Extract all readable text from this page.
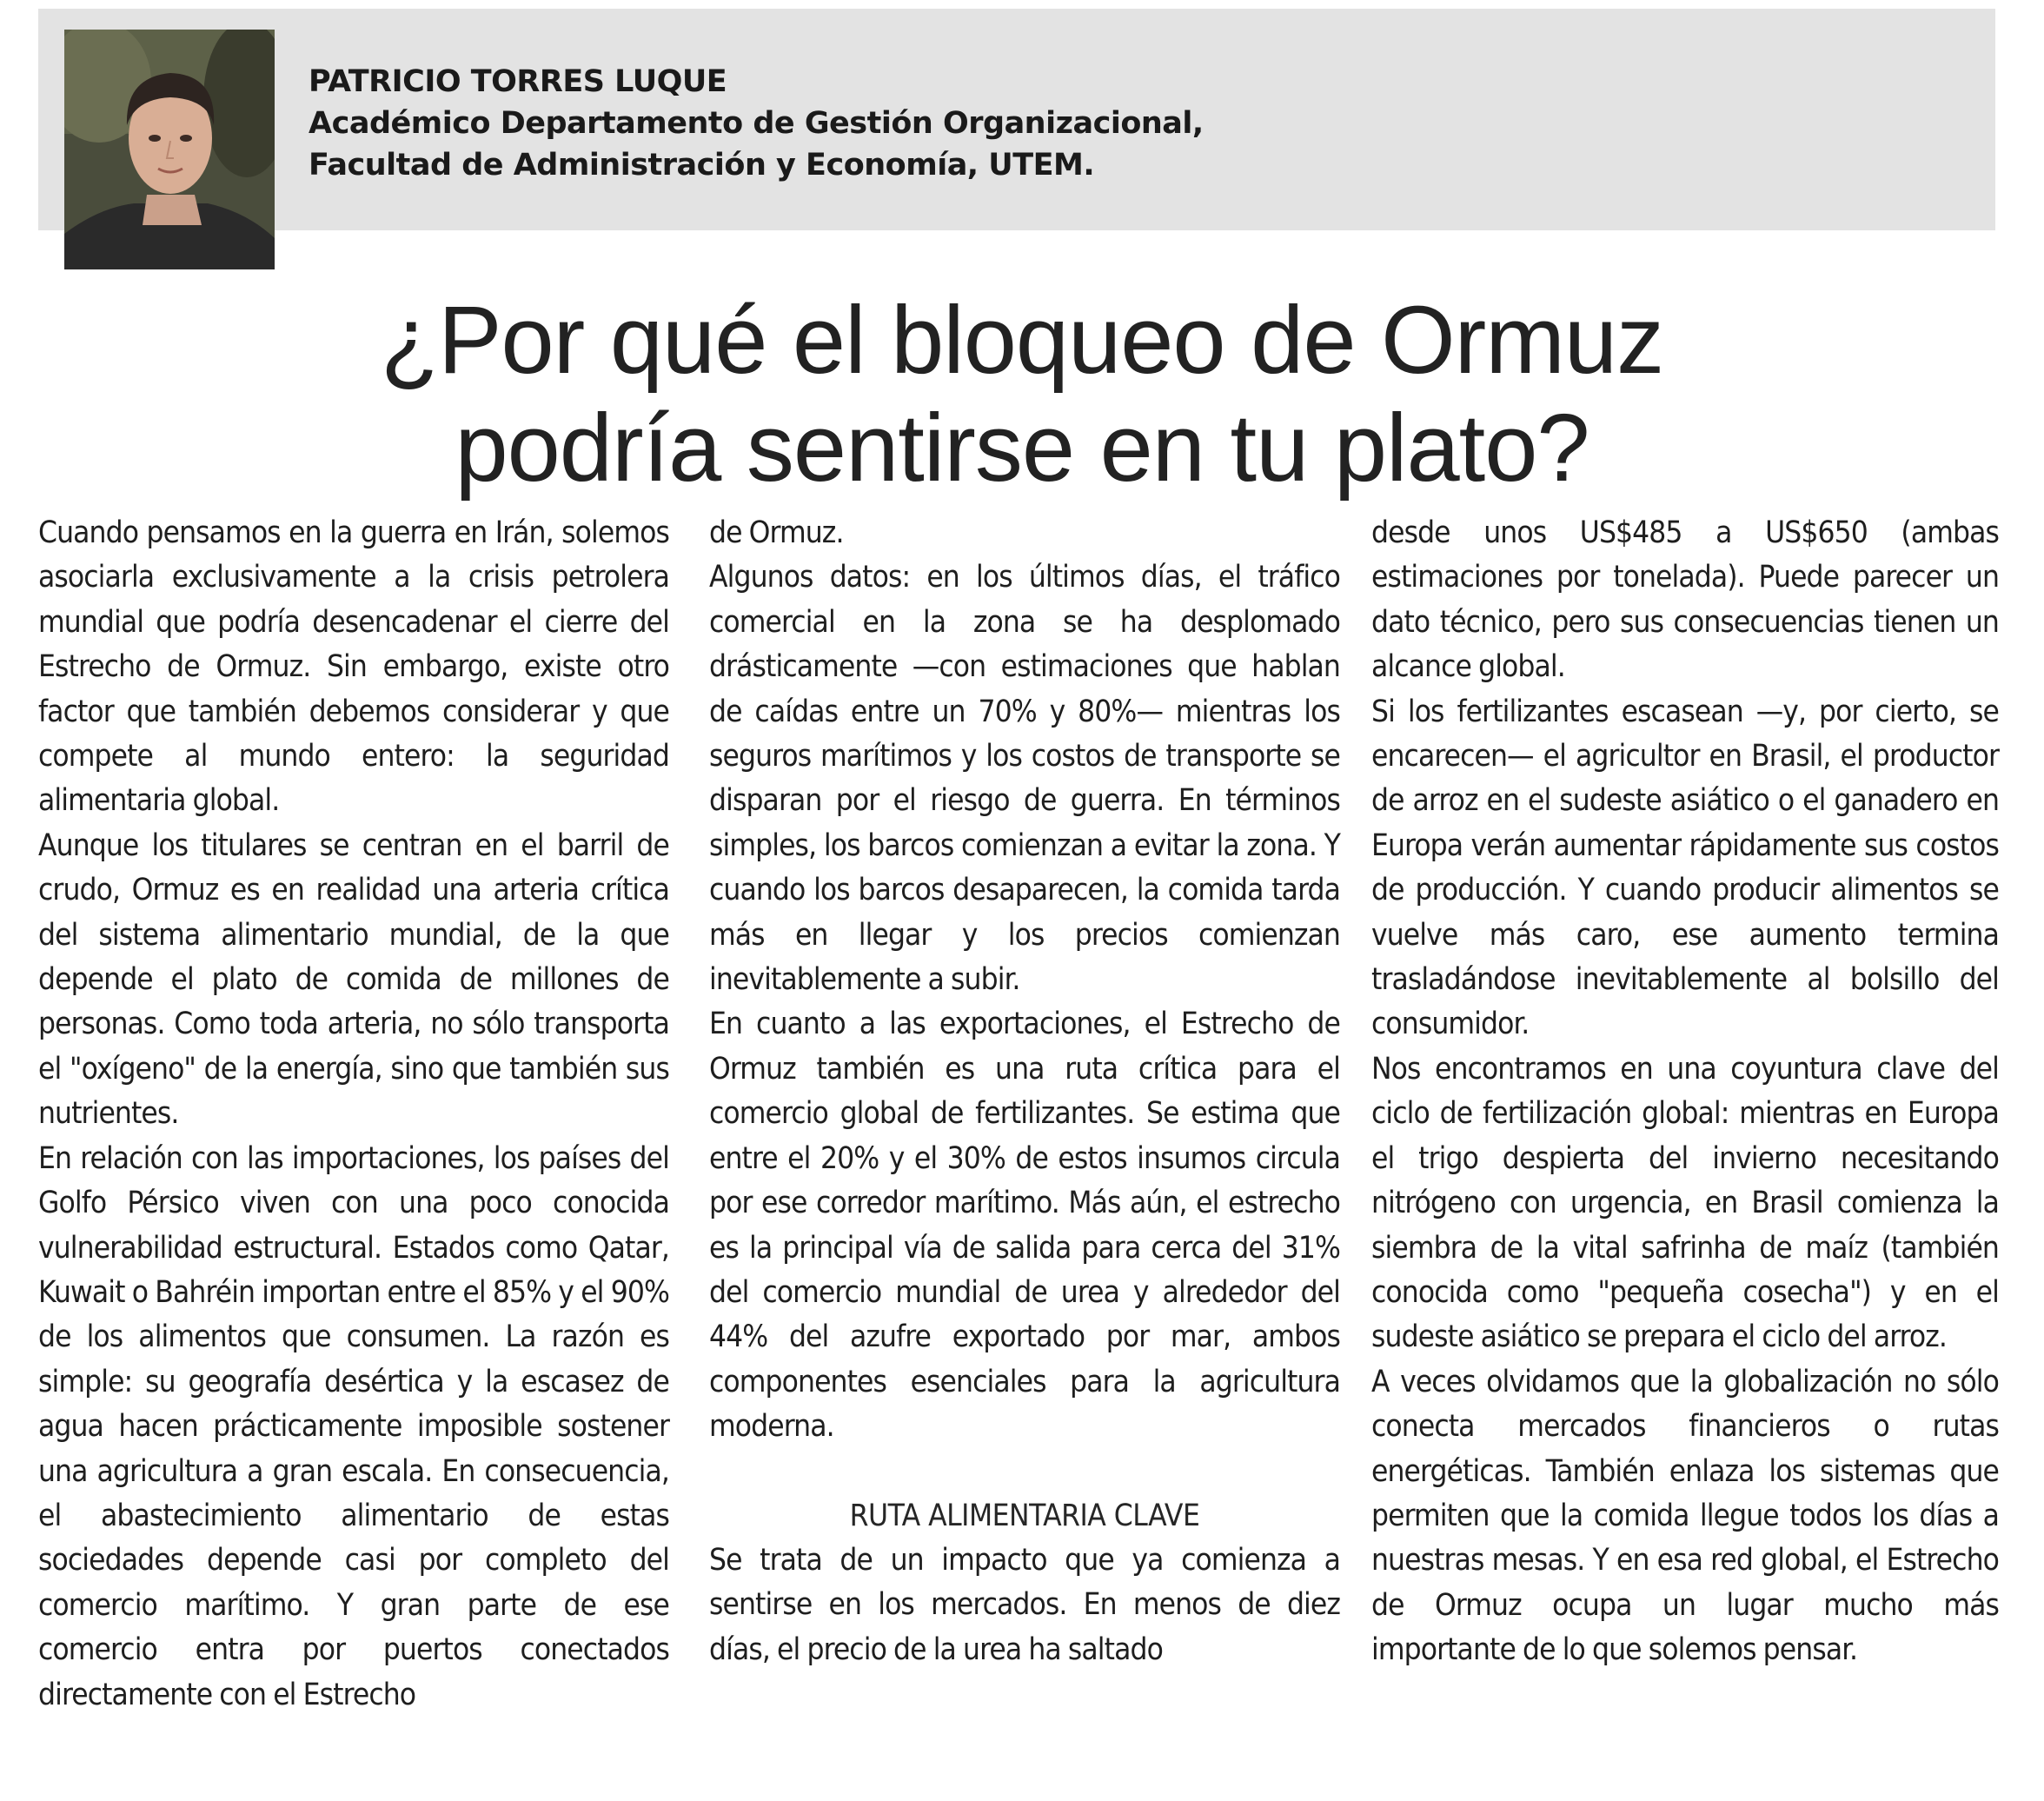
PATRICIO TORRES LUQUE
Académico Departamento de Gestión Organizacional,
Facultad de Administración y Economía, UTEM.
¿Por qué el bloqueo de Ormuz
podría sentirse en tu plato?

Cuando pensamos en la guerra en Irán, solemos asociarla exclusivamente a la crisis petrolera mundial que podría desencadenar el cierre del Estrecho de Ormuz. Sin embargo, existe otro factor que también debemos considerar y que compete al mundo entero: la seguridad alimentaria global.

Aunque los titulares se centran en el barril de crudo, Ormuz es en realidad una arteria crítica del sistema alimentario mundial, de la que depende el plato de comida de millones de personas. Como toda arteria, no sólo transporta el "oxígeno" de la energía, sino que también sus nutrientes.

En relación con las importaciones, los países del Golfo Pérsico viven con una poco conocida vulnerabilidad estructural. Estados como Qatar, Kuwait o Bahréin importan entre el 85% y el 90% de los alimentos que consumen. La razón es simple: su geografía desértica y la escasez de agua hacen prácticamente imposible sostener una agricultura a gran escala. En consecuencia, el abastecimiento alimentario de estas sociedades depende casi por completo del comercio marítimo. Y gran parte de ese comercio entra por puertos conectados directamente con el Estrecho

de Ormuz.

Algunos datos: en los últimos días, el tráfico comercial en la zona se ha desplomado drásticamente —con estimaciones que hablan de caídas entre un 70% y 80%— mientras los seguros marítimos y los costos de transporte se disparan por el riesgo de guerra. En términos simples, los barcos comienzan a evitar la zona. Y cuando los barcos desaparecen, la comida tarda más en llegar y los precios comienzan inevitablemente a subir.

En cuanto a las exportaciones, el Estrecho de Ormuz también es una ruta crítica para el comercio global de fertilizantes. Se estima que entre el 20% y el 30% de estos insumos circula por ese corredor marítimo. Más aún, el estrecho es la principal vía de salida para cerca del 31% del comercio mundial de urea y alrededor del 44% del azufre exportado por mar, ambos componentes esenciales para la agricultura moderna.

RUTA ALIMENTARIA CLAVE

Se trata de un impacto que ya comienza a sentirse en los mercados. En menos de diez días, el precio de la urea ha saltado

desde unos US$485 a US$650 (ambas estimaciones por tonelada). Puede parecer un dato técnico, pero sus consecuencias tienen un alcance global.

Si los fertilizantes escasean —y, por cierto, se encarecen— el agricultor en Brasil, el productor de arroz en el sudeste asiático o el ganadero en Europa verán aumentar rápidamente sus costos de producción. Y cuando producir alimentos se vuelve más caro, ese aumento termina trasladándose inevitablemente al bolsillo del consumidor.

Nos encontramos en una coyuntura clave del ciclo de fertilización global: mientras en Europa el trigo despierta del invierno necesitando nitrógeno con urgencia, en Brasil comienza la siembra de la vital safrinha de maíz (también conocida como "pequeña cosecha") y en el sudeste asiático se prepara el ciclo del arroz.

A veces olvidamos que la globalización no sólo conecta mercados financieros o rutas energéticas. También enlaza los sistemas que permiten que la comida llegue todos los días a nuestras mesas. Y en esa red global, el Estrecho de Ormuz ocupa un lugar mucho más importante de lo que solemos pensar.
